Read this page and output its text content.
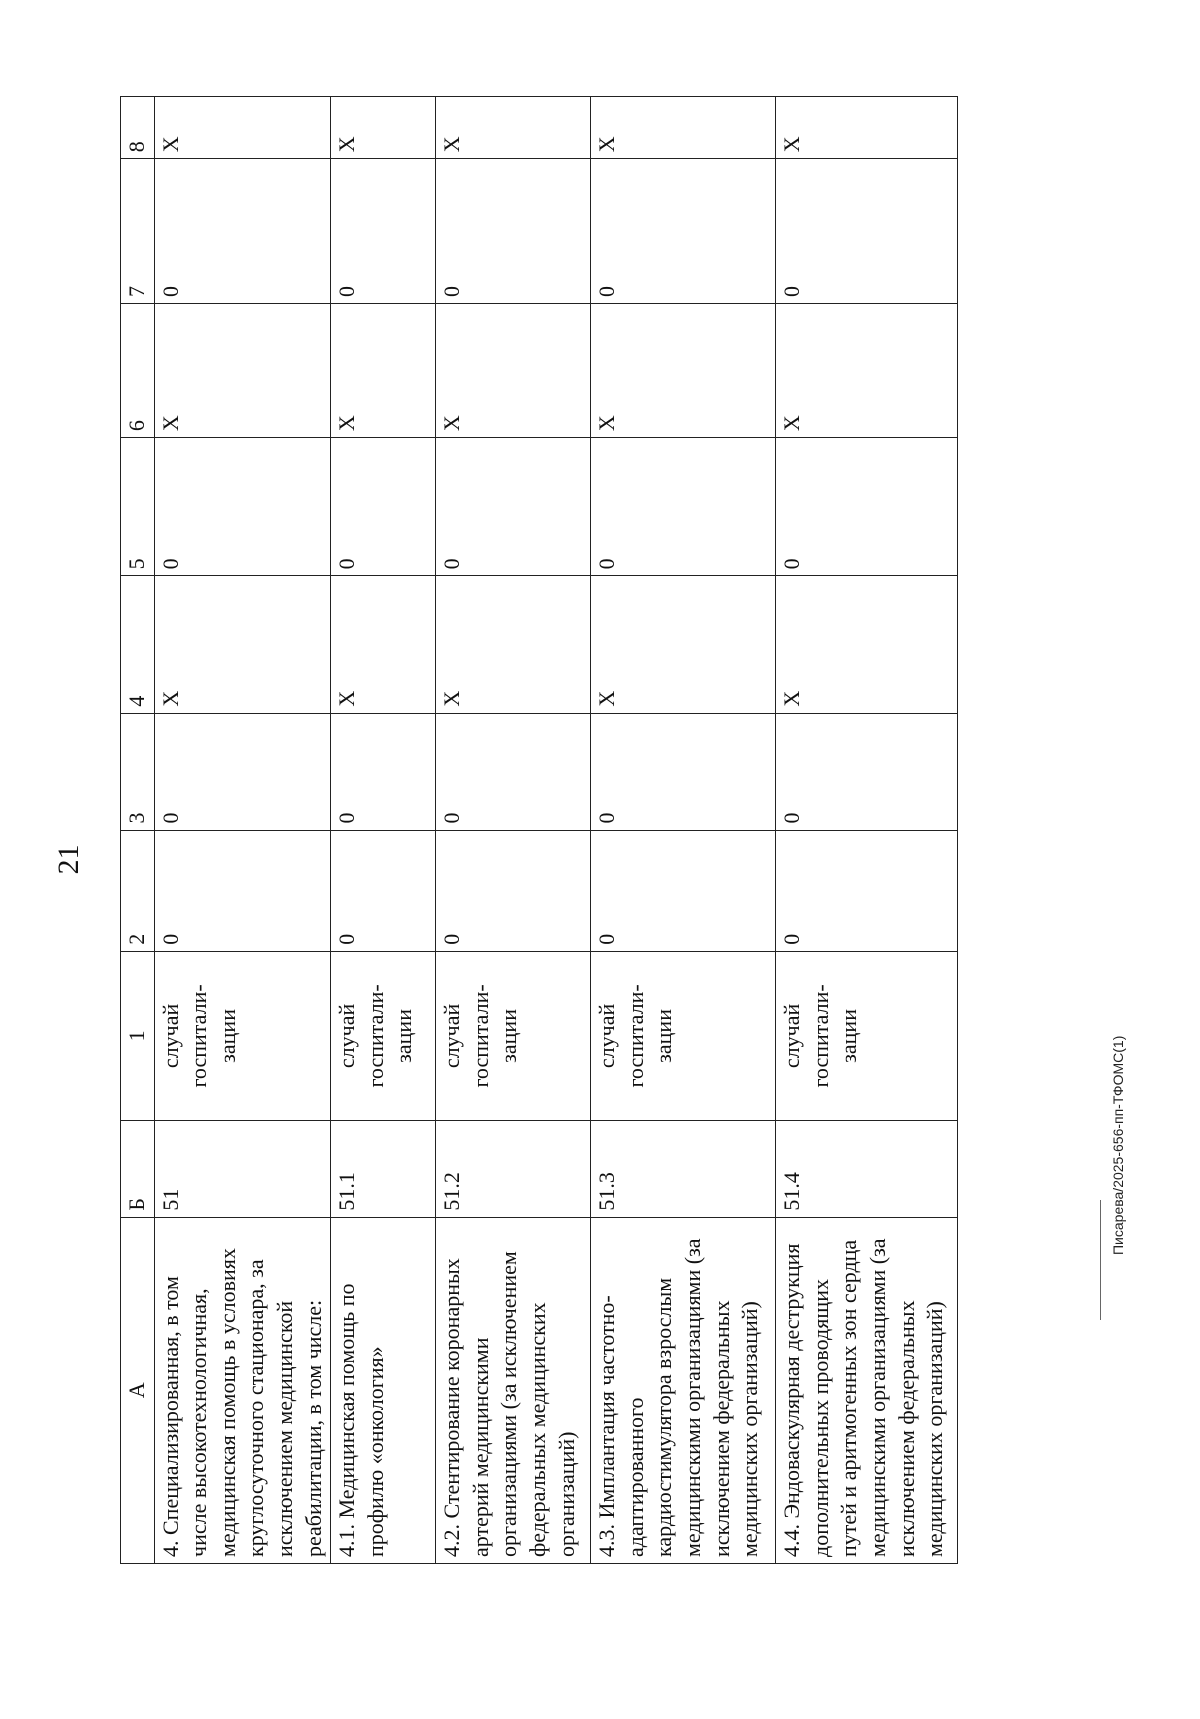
21
А	Б	1	2	3	4	5	6	7	8
4. Специализированная, в том числе высокотехнологичная, медицинская помощь в условиях круглосуточного стационара, за исключением медицинской реабилитации, в том числе:	51	случай госпитали-зации	0	0	X	0	X	0	X
4.1. Медицинская помощь по профилю «онкология»	51.1	случай госпитали-зации	0	0	X	0	X	0	X
4.2. Стентирование коронарных артерий медицинскими организациями (за исключением федеральных медицинских организаций)	51.2	случай госпитали-зации	0	0	X	0	X	0	X
4.3. Имплантация частотно-адаптированного кардиостимулятора взрослым медицинскими организациями (за исключением федеральных медицинских организаций)	51.3	случай госпитали-зации	0	0	X	0	X	0	X
4.4. Эндоваскулярная деструкция дополнительных проводящих путей и аритмогенных зон сердца медицинскими организациями (за исключением федеральных медицинских организаций)	51.4	случай госпитали-зации	0	0	X	0	X	0	X
Писарева/2025-656-пп-ТФОМС(1)
